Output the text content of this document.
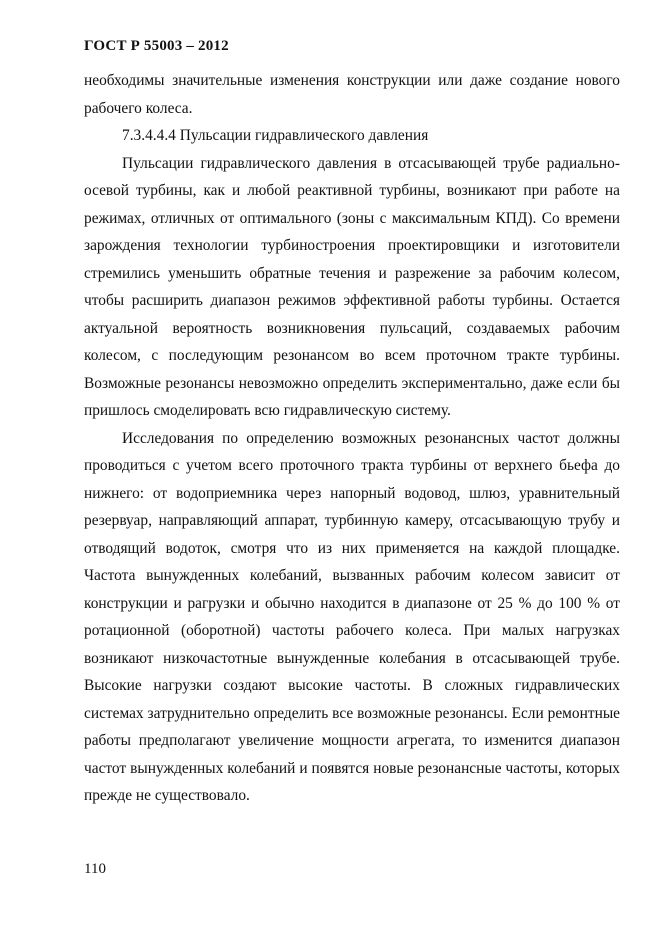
ГОСТ Р 55003 – 2012

необходимы значительные изменения конструкции или даже создание нового рабочего колеса.

7.3.4.4.4 Пульсации гидравлического давления

Пульсации гидравлического давления в отсасывающей трубе радиально-осевой турбины, как и любой реактивной турбины, возникают при работе на режимах, отличных от оптимального (зоны с максимальным КПД). Со времени зарождения технологии турбиностроения проектировщики и изготовители стремились уменьшить обратные течения и разрежение за рабочим колесом, чтобы расширить диапазон режимов эффективной работы турбины. Остается актуальной вероятность возникновения пульсаций, создаваемых рабочим колесом, с последующим резонансом во всем проточном тракте турбины. Возможные резонансы невозможно определить экспериментально, даже если бы пришлось смоделировать всю гидравлическую систему.

Исследования по определению возможных резонансных частот должны проводиться с учетом всего проточного тракта турбины от верхнего бьефа до нижнего: от водоприемника через напорный водовод, шлюз, уравнительный резервуар, направляющий аппарат, турбинную камеру, отсасывающую трубу и отводящий водоток, смотря что из них применяется на каждой площадке. Частота вынужденных колебаний, вызванных рабочим колесом зависит от конструкции и рагрузки и обычно находится в диапазоне от 25 % до 100 % от ротационной (оборотной) частоты рабочего колеса. При малых нагрузках возникают низкочастотные вынужденные колебания в отсасывающей трубе. Высокие нагрузки создают высокие частоты. В сложных гидравлических системах затруднительно определить все возможные резонансы. Если ремонтные работы предполагают увеличение мощности агрегата, то изменится диапазон частот вынужденных колебаний и появятся новые резонансные частоты, которых прежде не существовало.

110
